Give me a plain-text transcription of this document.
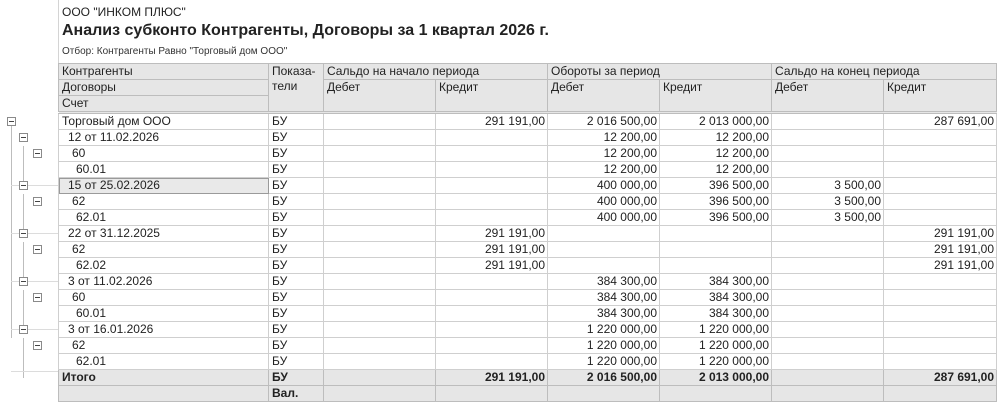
ООО "ИНКОМ ПЛЮС"
Анализ субконто Контрагенты, Договоры за 1 квартал 2026 г.
Отбор: Контрагенты Равно "Торговый дом ООО"
Контрагенты	Показа-
тели	Сальдо на начало периода		Обороты за период		Сальдо на конец периода	
Договоры		Дебет	Кредит	Дебет	Кредит	Дебет	Кредит
Счет							

Торговый дом ООО	БУ		291 191,00	2 016 500,00	2 013 000,00		287 691,00
12 от 11.02.2026	БУ			12 200,00	12 200,00		
60	БУ			12 200,00	12 200,00		
60.01	БУ			12 200,00	12 200,00		
15 от 25.02.2026	БУ			400 000,00	396 500,00	3 500,00	
62	БУ			400 000,00	396 500,00	3 500,00	
62.01	БУ			400 000,00	396 500,00	3 500,00	
22 от 31.12.2025	БУ		291 191,00				291 191,00
62	БУ		291 191,00				291 191,00
62.02	БУ		291 191,00				291 191,00
3 от 11.02.2026	БУ			384 300,00	384 300,00		
60	БУ			384 300,00	384 300,00		
60.01	БУ			384 300,00	384 300,00		
3 от 16.01.2026	БУ			1 220 000,00	1 220 000,00		
62	БУ			1 220 000,00	1 220 000,00		
62.01	БУ			1 220 000,00	1 220 000,00		
Итого	БУ		291 191,00	2 016 500,00	2 013 000,00		287 691,00
	Вал.						
